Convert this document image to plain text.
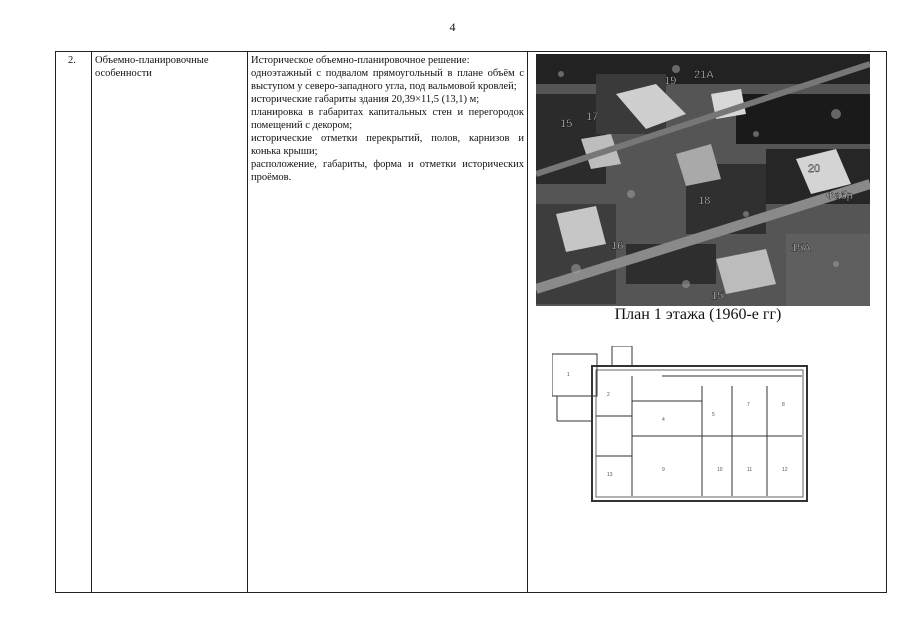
4
2.	Объемно-планировочные особенности	

Историческое объемно-планировочное решение:

одноэтажный с подвалом прямоугольный в плане объём с выступом у северо-западного угла, под вальмовой кровлей;

исторические габариты здания 20,39×11,5 (13,1) м;

планировка в габаритах капитальных стен и перегородок помещений с декором;

исторические отметки перекрытий, полов, карнизов и конька крыши;

расположение, габариты, форма и отметки исторических проёмов.

19 21А
15
17
20
18	Фабр
16	15А
15
План 1 этажа (1960-е гг)
2
4
5
7	8
9	10	11	12
13
1
